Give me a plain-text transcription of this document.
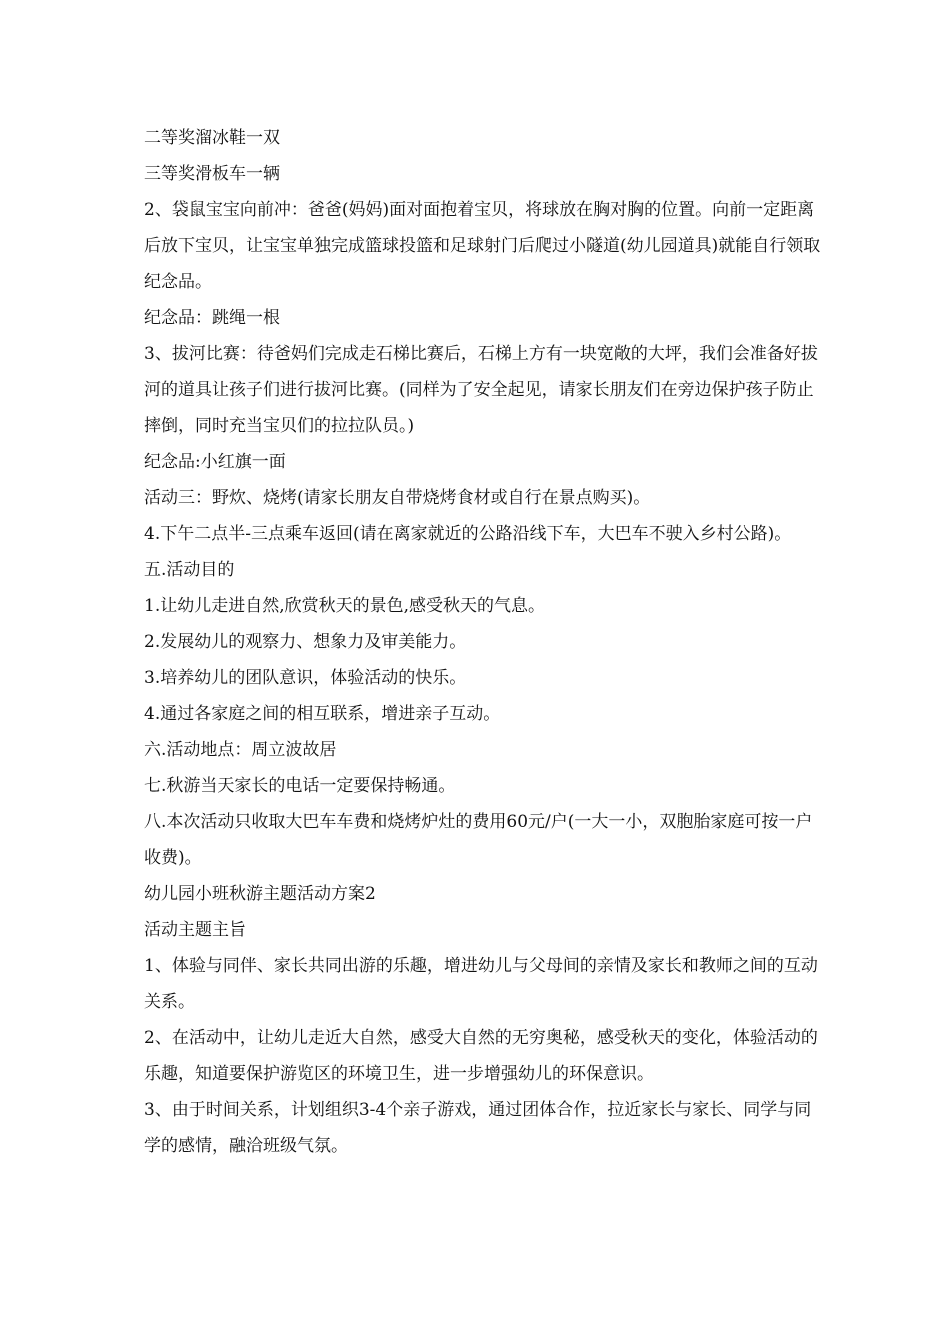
二等奖溜冰鞋一双

三等奖滑板车一辆

2、袋鼠宝宝向前冲：爸爸(妈妈)面对面抱着宝贝，将球放在胸对胸的位置。向前一定距离后放下宝贝，让宝宝单独完成篮球投篮和足球射门后爬过小隧道(幼儿园道具)就能自行领取纪念品。

纪念品：跳绳一根

3、拔河比赛：待爸妈们完成走石梯比赛后，石梯上方有一块宽敞的大坪，我们会准备好拔河的道具让孩子们进行拔河比赛。(同样为了安全起见，请家长朋友们在旁边保护孩子防止摔倒，同时充当宝贝们的拉拉队员。)

纪念品:小红旗一面

活动三：野炊、烧烤(请家长朋友自带烧烤食材或自行在景点购买)。

4.下午二点半-三点乘车返回(请在离家就近的公路沿线下车，大巴车不驶入乡村公路)。

五.活动目的

1.让幼儿走进自然,欣赏秋天的景色,感受秋天的气息。

2.发展幼儿的观察力、想象力及审美能力。

3.培养幼儿的团队意识，体验活动的快乐。

4.通过各家庭之间的相互联系，增进亲子互动。

六.活动地点：周立波故居

七.秋游当天家长的电话一定要保持畅通。

八.本次活动只收取大巴车车费和烧烤炉灶的费用60元/户(一大一小，双胞胎家庭可按一户收费)。

幼儿园小班秋游主题活动方案2

活动主题主旨

1、体验与同伴、家长共同出游的乐趣，增进幼儿与父母间的亲情及家长和教师之间的互动关系。

2、在活动中，让幼儿走近大自然，感受大自然的无穷奥秘，感受秋天的变化，体验活动的乐趣，知道要保护游览区的环境卫生，进一步增强幼儿的环保意识。

3、由于时间关系，计划组织3-4个亲子游戏，通过团体合作，拉近家长与家长、同学与同学的感情，融洽班级气氛。
